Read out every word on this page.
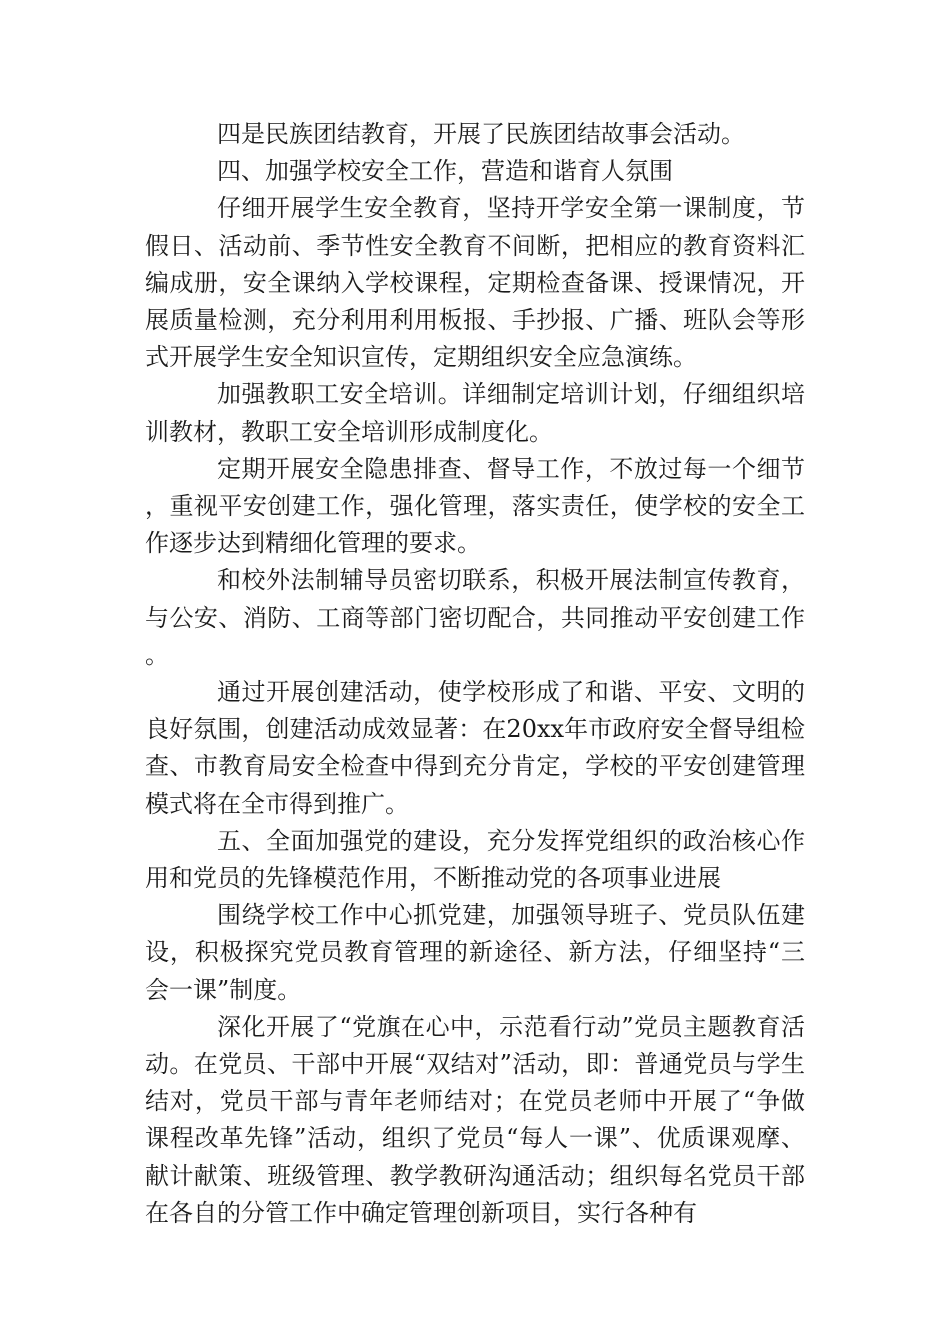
四是民族团结教育，开展了民族团结故事会活动。

四、加强学校安全工作，营造和谐育人氛围

仔细开展学生安全教育，坚持开学安全第一课制度，节假日、活动前、季节性安全教育不间断，把相应的教育资料汇编成册，安全课纳入学校课程，定期检查备课、授课情况，开展质量检测，充分利用利用板报、手抄报、广播、班队会等形式开展学生安全知识宣传，定期组织安全应急演练。

加强教职工安全培训。详细制定培训计划，仔细组织培训教材，教职工安全培训形成制度化。

定期开展安全隐患排查、督导工作，不放过每一个细节，重视平安创建工作，强化管理，落实责任，使学校的安全工作逐步达到精细化管理的要求。

和校外法制辅导员密切联系，积极开展法制宣传教育，与公安、消防、工商等部门密切配合，共同推动平安创建工作。

通过开展创建活动，使学校形成了和谐、平安、文明的良好氛围，创建活动成效显著：在20xx年市政府安全督导组检查、市教育局安全检查中得到充分肯定，学校的平安创建管理模式将在全市得到推广。

五、全面加强党的建设，充分发挥党组织的政治核心作用和党员的先锋模范作用，不断推动党的各项事业进展

围绕学校工作中心抓党建，加强领导班子、党员队伍建设，积极探究党员教育管理的新途径、新方法，仔细坚持“三会一课”制度。

深化开展了“党旗在心中，示范看行动”党员主题教育活动。在党员、干部中开展“双结对”活动，即：普通党员与学生结对，党员干部与青年老师结对；在党员老师中开展了“争做课程改革先锋”活动，组织了党员“每人一课”、优质课观摩、献计献策、班级管理、教学教研沟通活动；组织每名党员干部在各自的分管工作中确定管理创新项目，实行各种有
